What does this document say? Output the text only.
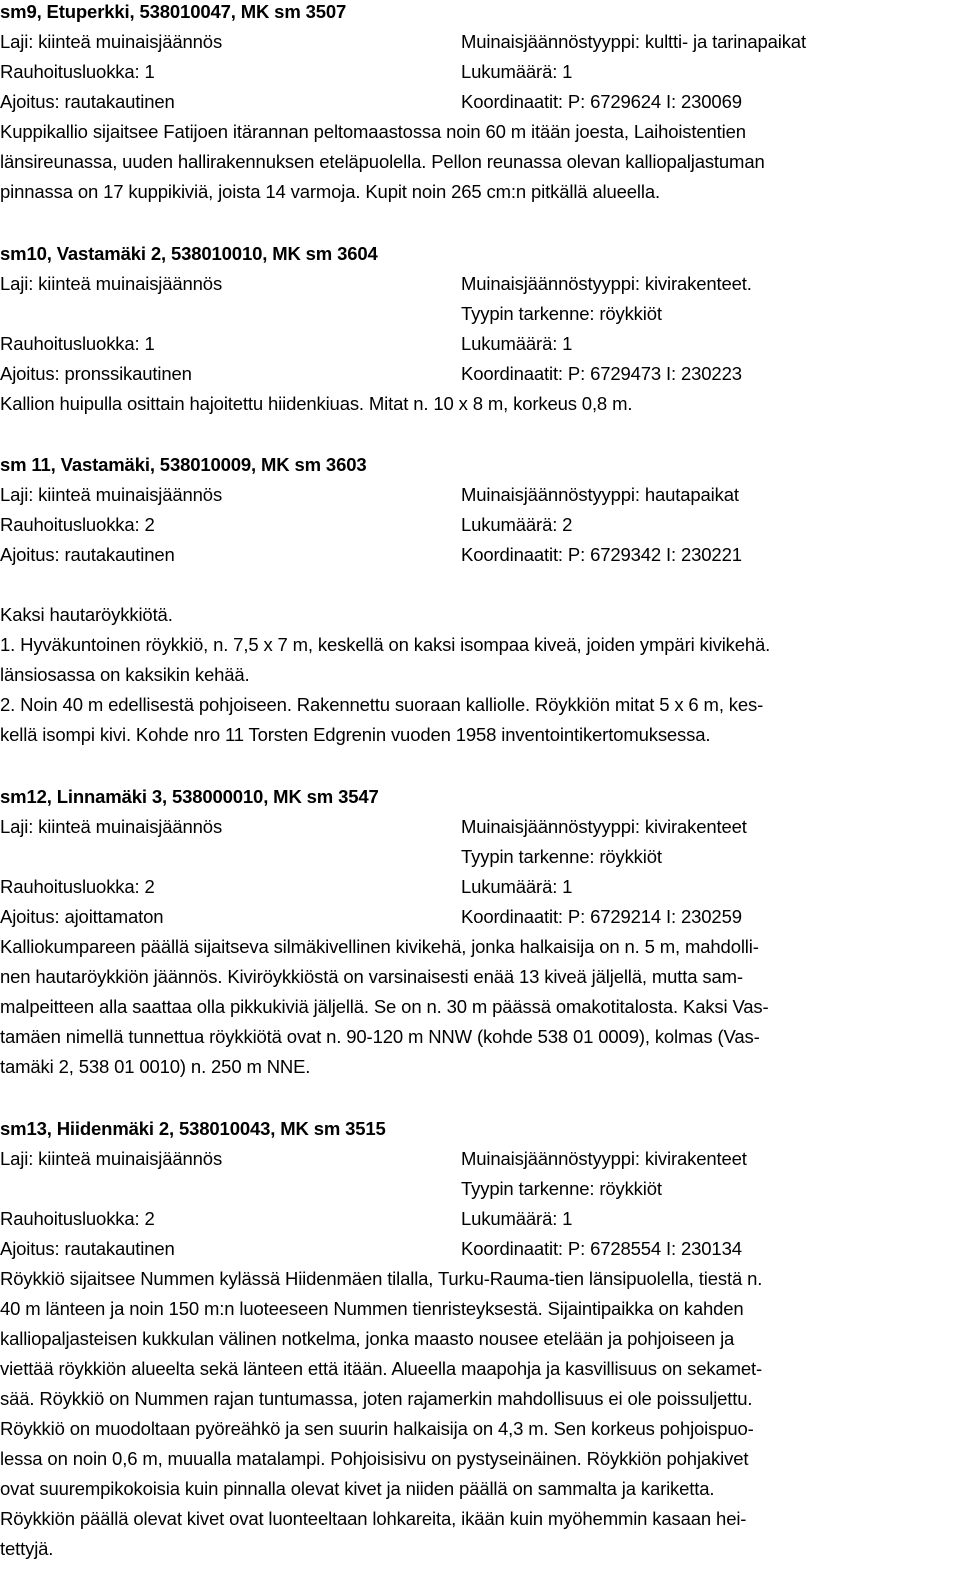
sm9, Etuperkki, 538010047, MK sm 3507
Laji: kiinteä muinaisjäännös	Muinaisjäännöstyyppi: kultti- ja tarinapaikat
Rauhoitusluokka: 1	Lukumäärä: 1
Ajoitus: rautakautinen	Koordinaatit: P: 6729624 I: 230069
Kuppikallio sijaitsee Fatijoen itärannan peltomaastossa noin 60 m itään joesta, Laihoistentien
länsireunassa, uuden hallirakennuksen eteläpuolella. Pellon reunassa olevan kalliopaljastuman
pinnassa on 17 kuppikiviä, joista 14 varmoja. Kupit noin 265 cm:n pitkällä alueella.
sm10, Vastamäki 2, 538010010, MK sm 3604
Laji: kiinteä muinaisjäännös	Muinaisjäännöstyyppi: kivirakenteet.
Tyypin tarkenne: röykkiöt
Rauhoitusluokka: 1	Lukumäärä: 1
Ajoitus: pronssikautinen	Koordinaatit: P: 6729473 I: 230223
Kallion huipulla osittain hajoitettu hiidenkiuas. Mitat n. 10 x 8 m, korkeus 0,8 m.
sm 11, Vastamäki, 538010009, MK sm 3603
Laji: kiinteä muinaisjäännös	Muinaisjäännöstyyppi: hautapaikat
Rauhoitusluokka: 2	Lukumäärä: 2
Ajoitus: rautakautinen	Koordinaatit: P: 6729342 I: 230221
Kaksi hautaröykkiötä.
1. Hyväkuntoinen röykkiö, n. 7,5 x 7 m, keskellä on kaksi isompaa kiveä, joiden ympäri kivikehä.
länsiosassa on kaksikin kehää.
2. Noin 40 m edellisestä pohjoiseen. Rakennettu suoraan kalliolle. Röykkiön mitat 5 x 6 m, kes-
kellä isompi kivi. Kohde nro 11 Torsten Edgrenin vuoden 1958 inventointikertomuksessa.
sm12, Linnamäki 3, 538000010, MK sm 3547
Laji: kiinteä muinaisjäännös	Muinaisjäännöstyyppi: kivirakenteet
Tyypin tarkenne: röykkiöt
Rauhoitusluokka: 2	Lukumäärä: 1
Ajoitus: ajoittamaton	Koordinaatit: P: 6729214 I: 230259
Kalliokumpareen päällä sijaitseva silmäkivellinen kivikehä, jonka halkaisija on n. 5 m, mahdolli-
nen hautaröykkiön jäännös. Kiviröykkiöstä on varsinaisesti enää 13 kiveä jäljellä, mutta sam-
malpeitteen alla saattaa olla pikkukiviä jäljellä. Se on n. 30 m päässä omakotitalosta. Kaksi Vas-
tamäen nimellä tunnettua röykkiötä ovat n. 90-120 m NNW (kohde 538 01 0009), kolmas (Vas-
tamäki 2, 538 01 0010) n. 250 m NNE.
sm13, Hiidenmäki 2, 538010043, MK sm 3515
Laji: kiinteä muinaisjäännös	Muinaisjäännöstyyppi: kivirakenteet
Tyypin tarkenne: röykkiöt
Rauhoitusluokka: 2	Lukumäärä: 1
Ajoitus: rautakautinen	Koordinaatit: P: 6728554 I: 230134
Röykkiö sijaitsee Nummen kylässä Hiidenmäen tilalla, Turku-Rauma-tien länsipuolella, tiestä n.
40 m länteen ja noin 150 m:n luoteeseen Nummen tienristeyksestä. Sijaintipaikka on kahden
kalliopaljasteisen kukkulan välinen notkelma, jonka maasto nousee etelään ja pohjoiseen ja
viettää röykkiön alueelta sekä länteen että itään. Alueella maapohja ja kasvillisuus on sekamet-
sää. Röykkiö on Nummen rajan tuntumassa, joten rajamerkin mahdollisuus ei ole poissuljettu.
Röykkiö on muodoltaan pyöreähkö ja sen suurin halkaisija on 4,3 m. Sen korkeus pohjoispuo-
lessa on noin 0,6 m, muualla matalampi. Pohjoisisivu on pystyseinäinen. Röykkiön pohjakivet
ovat suurempikokoisia kuin pinnalla olevat kivet ja niiden päällä on sammalta ja kariketta.
Röykkiön päällä olevat kivet ovat luonteeltaan lohkareita, ikään kuin myöhemmin kasaan hei-
tettyjä.
